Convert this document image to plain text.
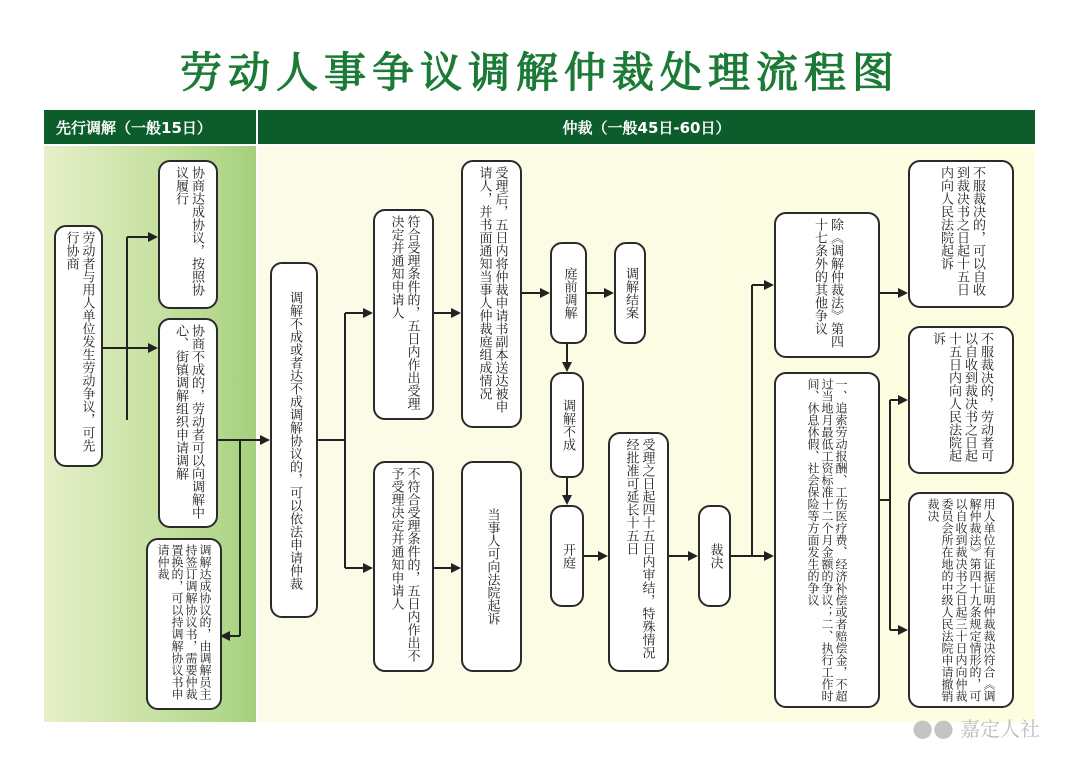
劳动人事争议调解仲裁处理流程图
先行调解（一般15日）	仲裁（一般45日-60日）
劳动者与用人单位发生劳动争议，可先行协商	协商达成协议，按照协议履行
协商不成的，劳动者可以向调解中心、街镇调解组织申请调解
调解达成协议的，由调解员主持签订调解协议书，需要仲裁置换的，可以持调解协议书申请仲裁	调解不成或者达不成调解协议的，可以依法申请仲裁	符合受理条件的，五日内作出受理决定并通知申请人
不符合受理条件的，五日内作出不予受理决定并通知申请人
受理后，五日内将仲裁申请书副本送达被申请人，并书面通知当事人仲裁庭组成情况
当事人可向法院起诉
庭前调解	调解结案
调解不成
开庭	受理之日起四十五日内审结，特殊情况经批准可延长十五日
裁决
除《调解仲裁法》第四十七条外的其他争议
一、追索劳动报酬、工伤医疗费、经济补偿或者赔偿金，不超过当地月最低工资标准十二个月金额的争议；二、执行工作时间、休息休假、社会保险等方面发生的争议
不服裁决的，可以自收到裁决书之日起十五日内向人民法院起诉
不服裁决的，劳动者可以自收到裁决书之日起十五日内向人民法院起诉
用人单位有证据证明仲裁裁决符合《调解仲裁法》第四十九条规定情形的，可以自收到裁决书之日起三十日内向仲裁委员会所在地的中级人民法院申请撤销裁决
●● 嘉定人社
